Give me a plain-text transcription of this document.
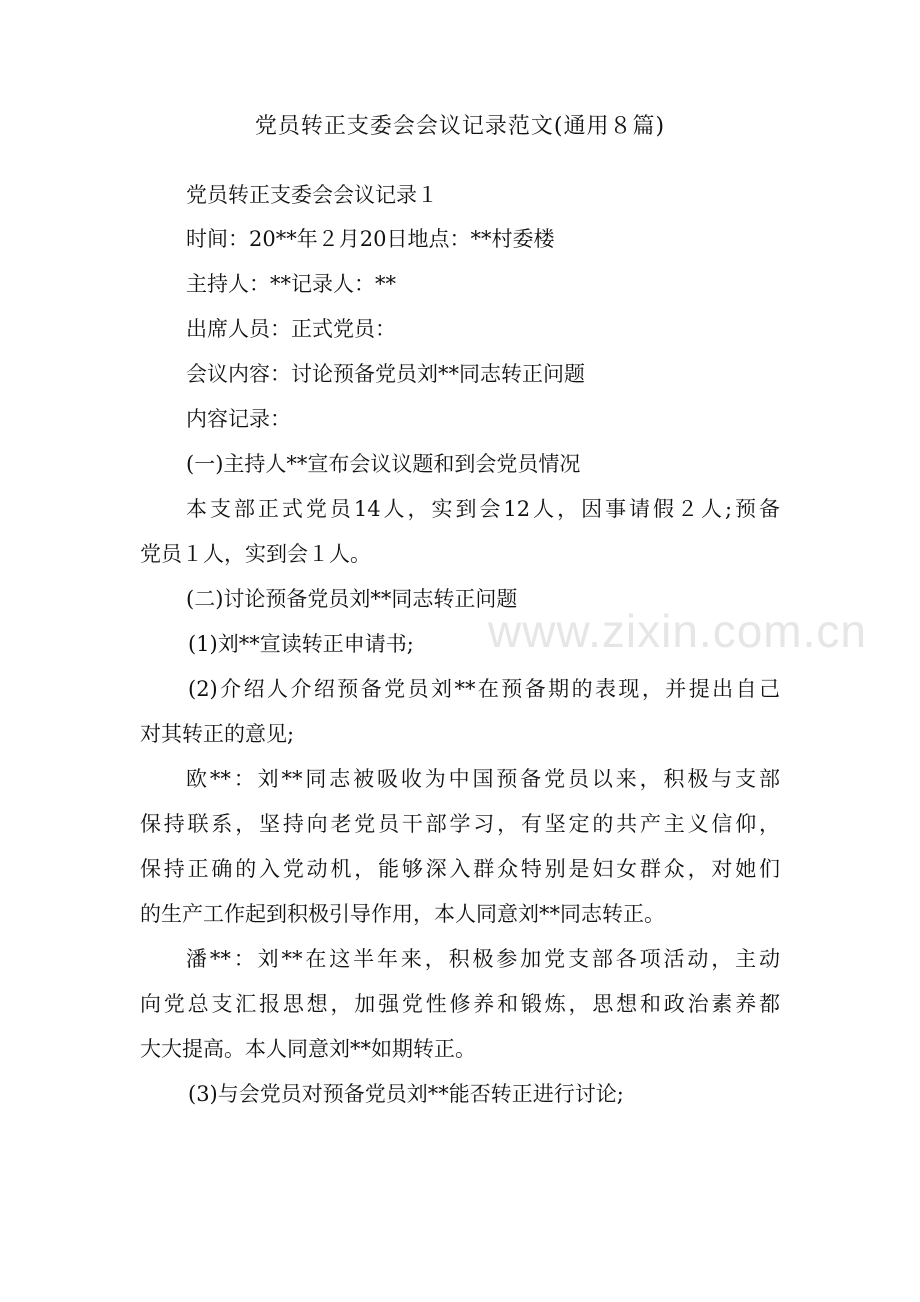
党员转正支委会会议记录范文(通用８篇)
党员转正支委会会议记录１
时间：20**年２月20日地点：**村委楼
主持人：**记录人：**
出席人员：正式党员：
会议内容：讨论预备党员刘**同志转正问题
内容记录：
(一)主持人**宣布会议议题和到会党员情况
本支部正式党员14人，实到会12人，因事请假２人;预备
党员１人，实到会１人。
(二)讨论预备党员刘**同志转正问题
(1)刘**宣读转正申请书;
(2)介绍人介绍预备党员刘**在预备期的表现，并提出自己
对其转正的意见;
欧**：刘**同志被吸收为中国预备党员以来，积极与支部
保持联系，坚持向老党员干部学习，有坚定的共产主义信仰，
保持正确的入党动机，能够深入群众特别是妇女群众，对她们
的生产工作起到积极引导作用，本人同意刘**同志转正。
潘**：刘**在这半年来，积极参加党支部各项活动，主动
向党总支汇报思想，加强党性修养和锻炼，思想和政治素养都
大大提高。本人同意刘**如期转正。
(3)与会党员对预备党员刘**能否转正进行讨论;
www.zixin.com.cn
